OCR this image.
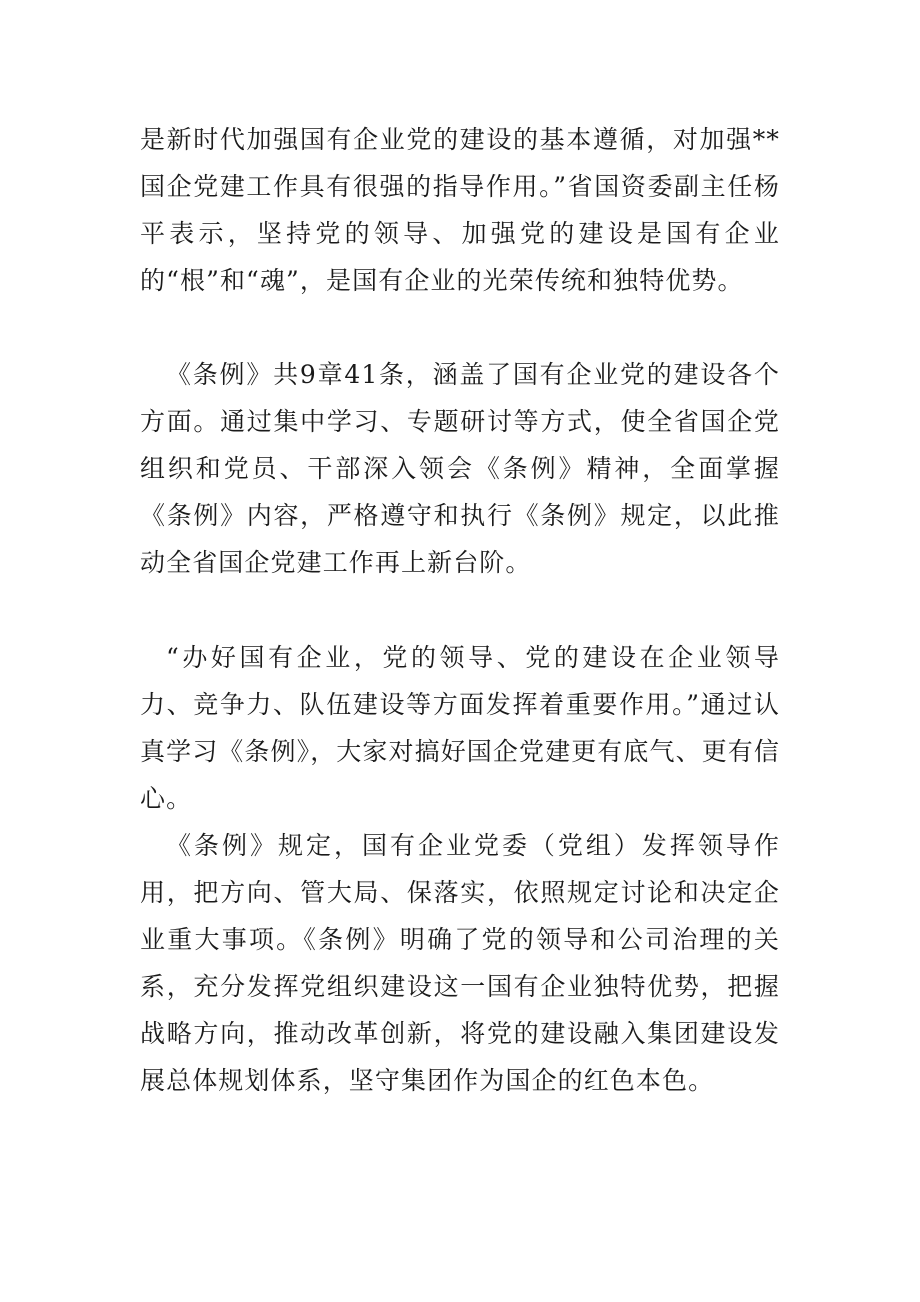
是新时代加强国有企业党的建设的基本遵循，对加强**国企党建工作具有很强的指导作用。”省国资委副主任杨平表示，坚持党的领导、加强党的建设是国有企业的“根”和“魂”，是国有企业的光荣传统和独特优势。

《条例》共9章41条，涵盖了国有企业党的建设各个方面。通过集中学习、专题研讨等方式，使全省国企党组织和党员、干部深入领会《条例》精神，全面掌握《条例》内容，严格遵守和执行《条例》规定，以此推动全省国企党建工作再上新台阶。

“办好国有企业，党的领导、党的建设在企业领导力、竞争力、队伍建设等方面发挥着重要作用。”通过认真学习《条例》，大家对搞好国企党建更有底气、更有信心。

《条例》规定，国有企业党委（党组）发挥领导作用，把方向、管大局、保落实，依照规定讨论和决定企业重大事项。《条例》明确了党的领导和公司治理的关系，充分发挥党组织建设这一国有企业独特优势，把握战略方向，推动改革创新，将党的建设融入集团建设发展总体规划体系，坚守集团作为国企的红色本色。
